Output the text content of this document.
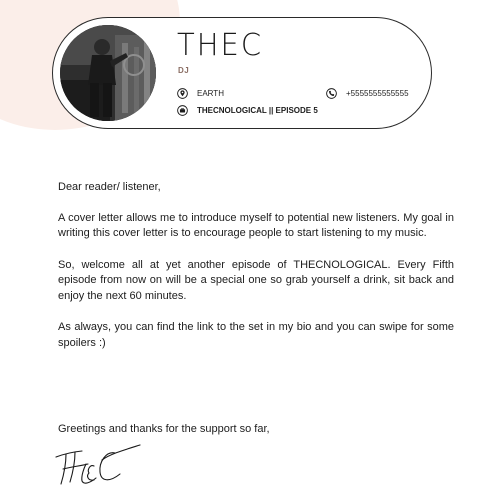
THEC
DJ
EARTH	+5555555555555
THECNOLOGICAL || EPISODE 5

Dear reader/ listener,

A cover letter allows me to introduce myself to potential new listeners. My goal in writing this cover letter is to encourage people to start listening to my music.

So, welcome all at yet another episode of THECNOLOGICAL. Every Fifth episode from now on will be a special one so grab yourself a drink, sit back and enjoy the next 60 minutes.

As always, you can find the link to the set in my bio and you can swipe for some spoilers :)

Greetings and thanks for the support so far,
